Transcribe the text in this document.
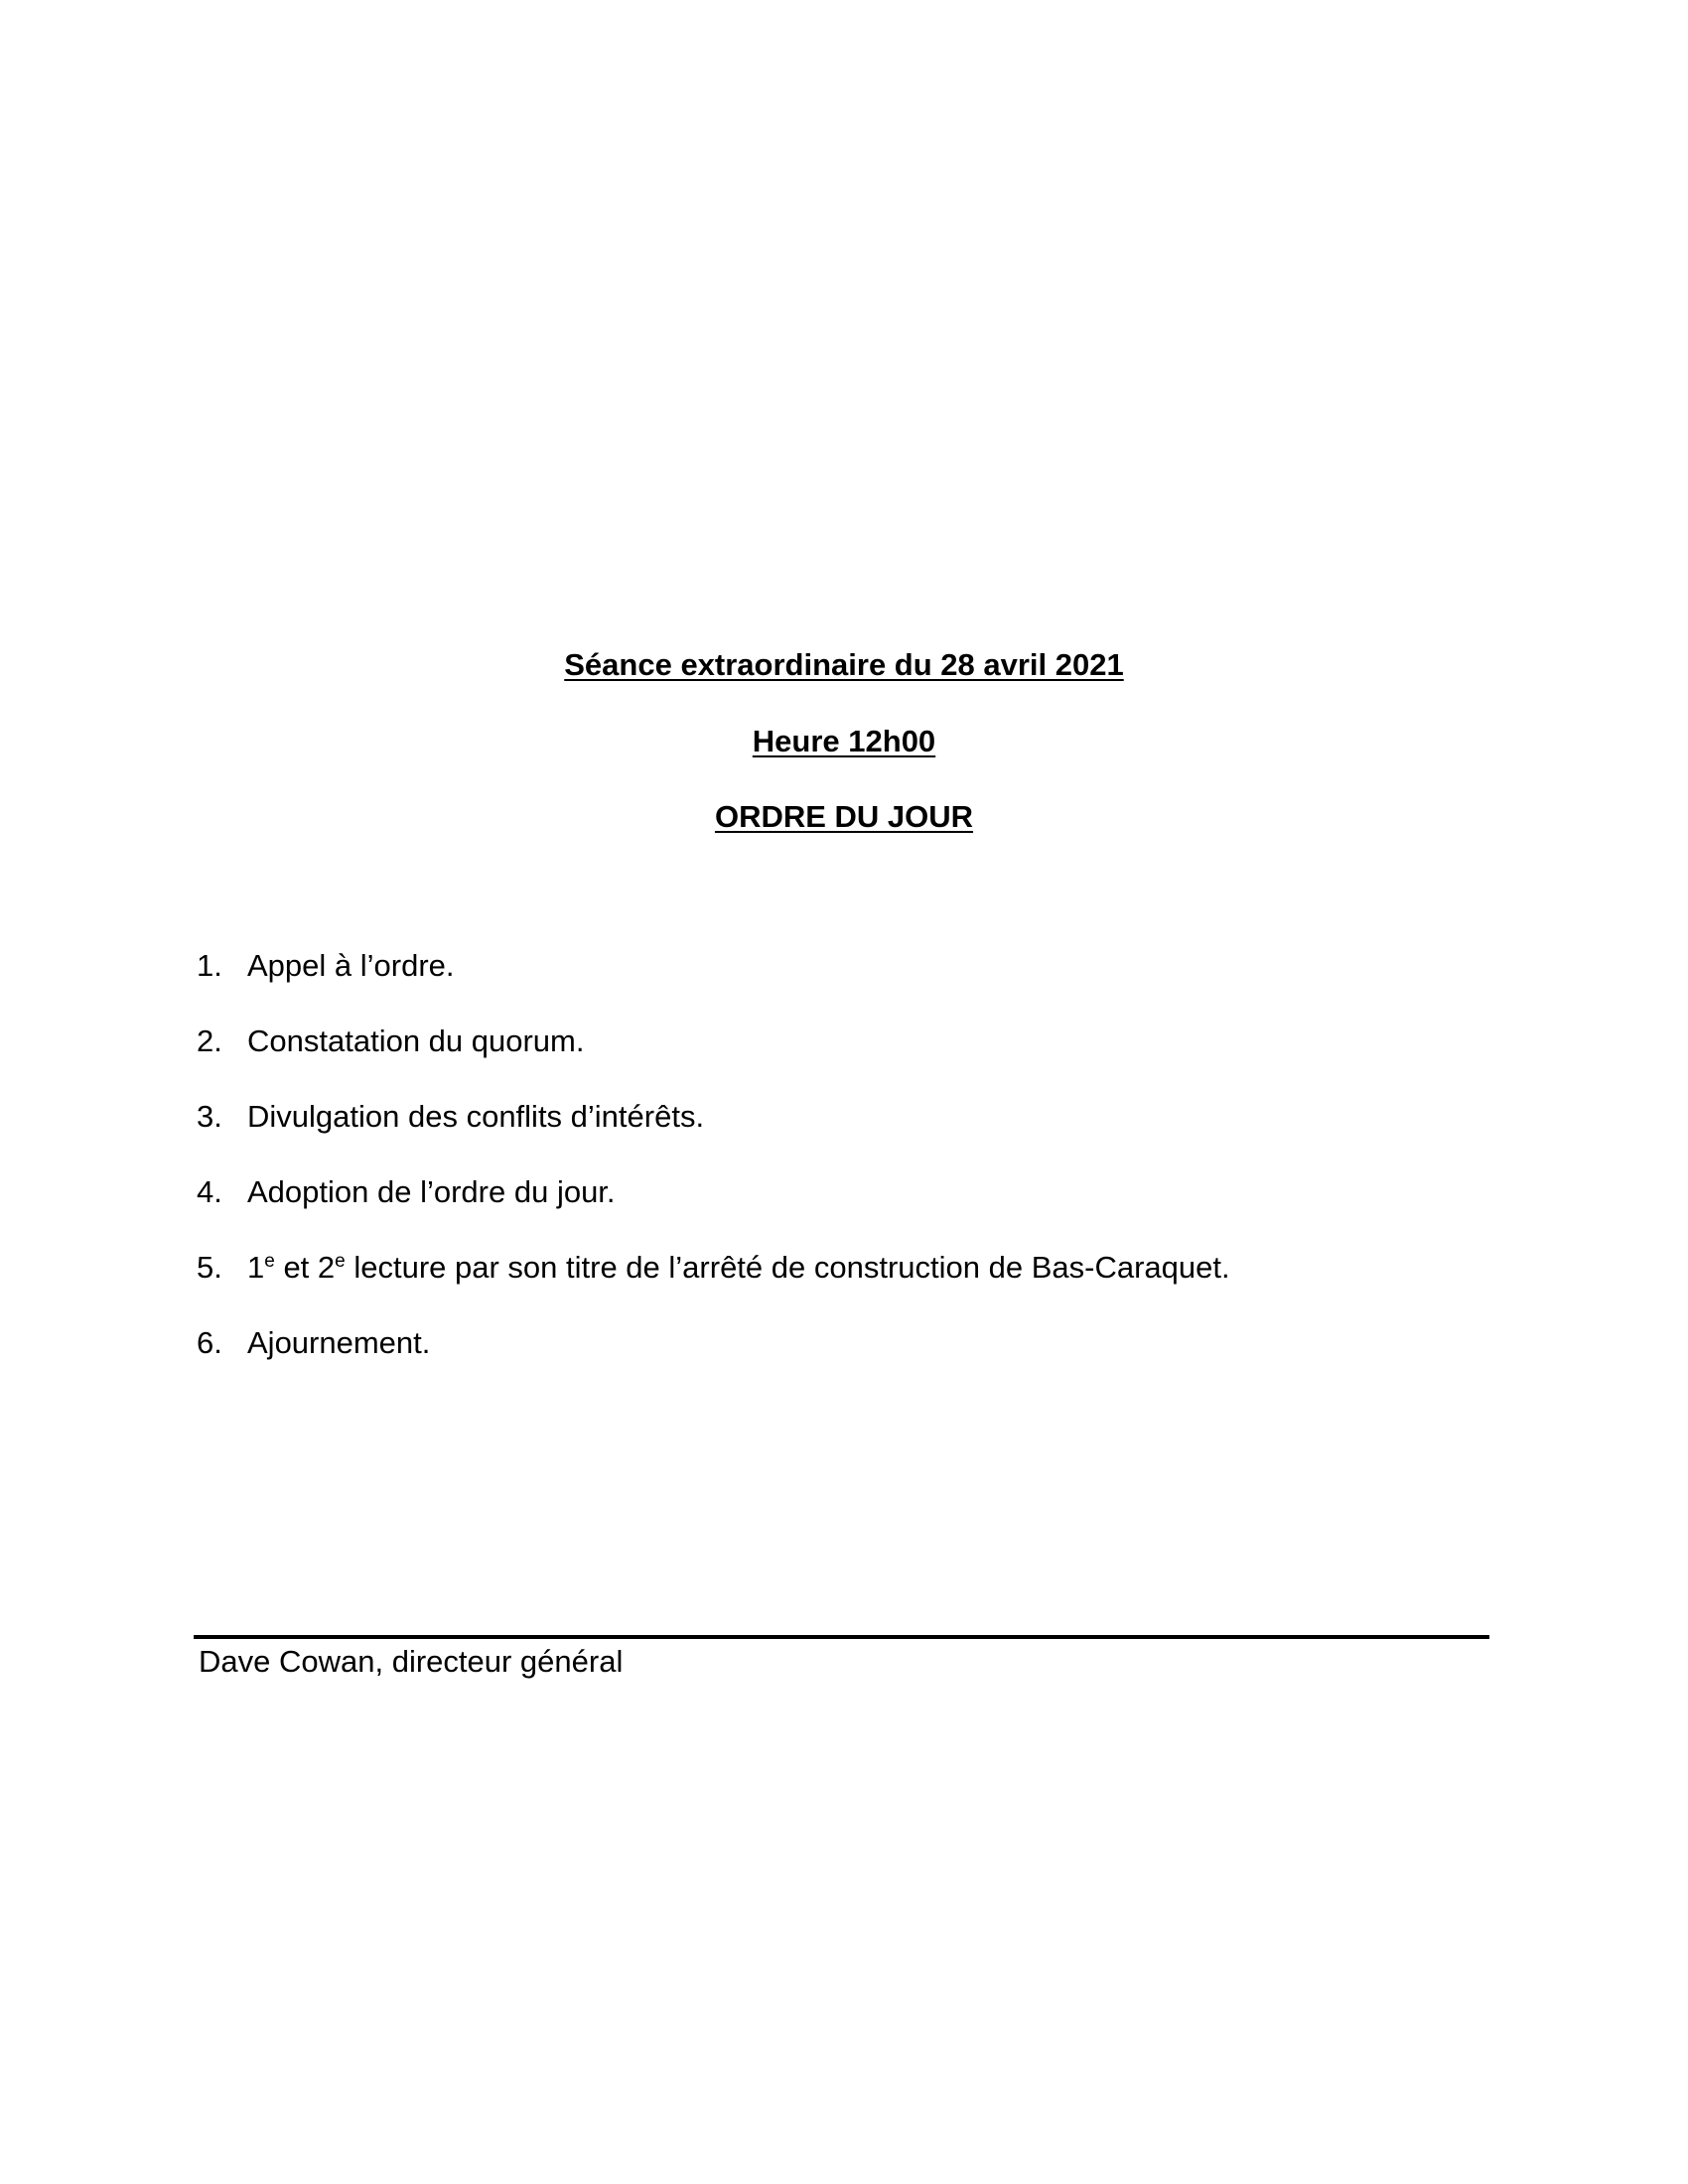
Séance extraordinaire du 28 avril 2021
Heure 12h00
ORDRE DU JOUR
1. Appel à l’ordre.
2. Constatation du quorum.
3. Divulgation des conflits d’intérêts.
4. Adoption de l’ordre du jour.
5. 1e et 2e lecture par son titre de l’arrêté de construction de Bas-Caraquet.
6. Ajournement.
Dave Cowan, directeur général
